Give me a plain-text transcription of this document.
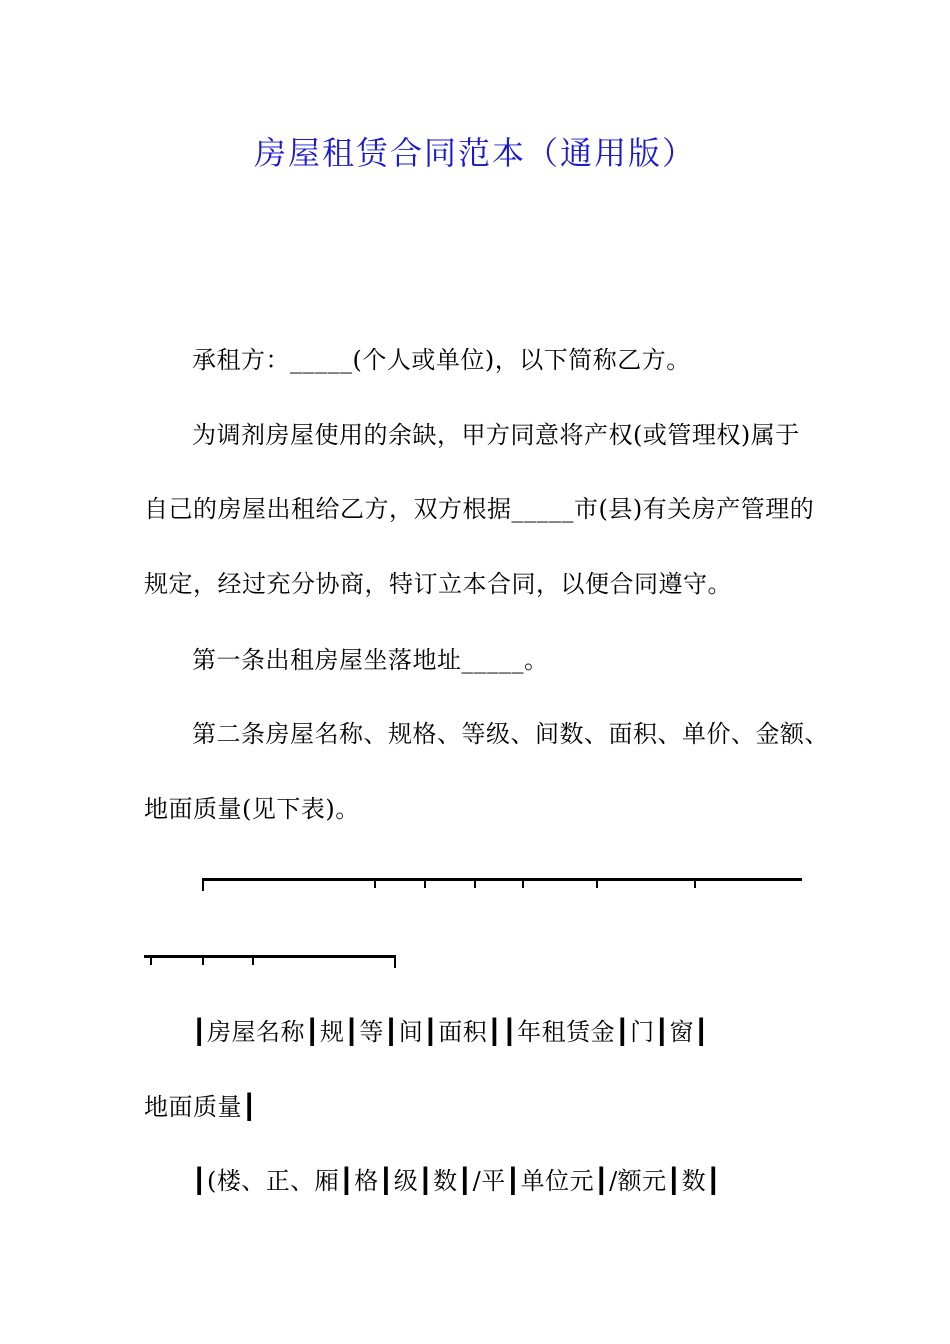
房屋租赁合同范本（通用版）
承租方：_____(个人或单位)，以下简称乙方。
为调剂房屋使用的余缺，甲方同意将产权(或管理权)属于
自己的房屋出租给乙方，双方根据_____市(县)有关房产管理的
规定，经过充分协商，特订立本合同，以便合同遵守。
第一条出租房屋坐落地址_____。
第二条房屋名称、规格、等级、间数、面积、单价、金额、
地面质量(见下表)。
┃房屋名称┃规┃等┃间┃面积┃┃年租赁金┃门┃窗┃
地面质量┃
┃(楼、正、厢┃格┃级┃数┃/平┃单位元┃/额元┃数┃
